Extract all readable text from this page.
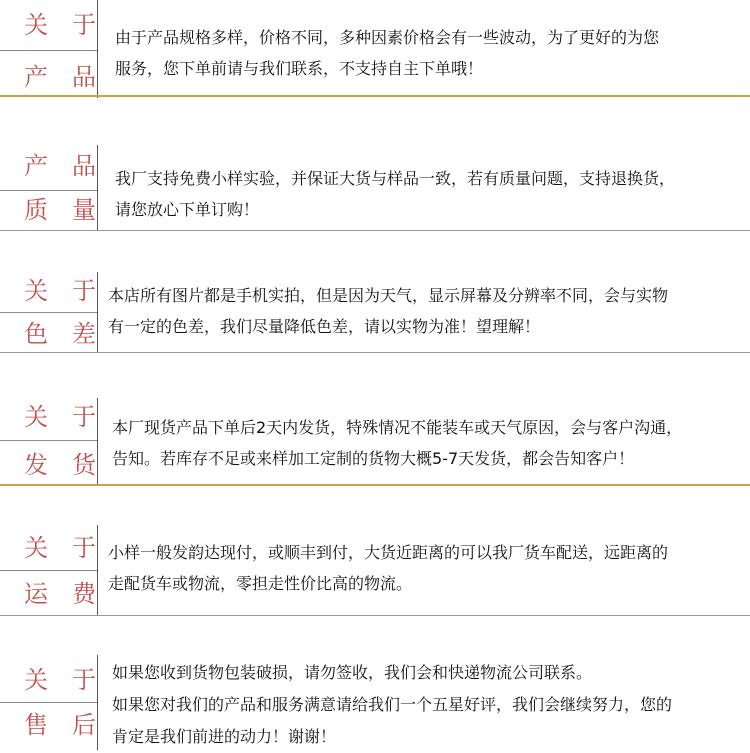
关于
产品

由于产品规格多样，价格不同，多种因素价格会有一些波动，为了更好的为您

服务，您下单前请与我们联系，不支持自主下单哦！

产品
质量

我厂支持免费小样实验，并保证大货与样品一致，若有质量问题，支持退换货，

请您放心下单订购！

关于
色差

本店所有图片都是手机实拍，但是因为天气，显示屏幕及分辨率不同，会与实物

有一定的色差，我们尽量降低色差，请以实物为准！望理解！

关于
发货

本厂现货产品下单后2天内发货，特殊情况不能装车或天气原因，会与客户沟通，

告知。若库存不足或来样加工定制的货物大概5-7天发货，都会告知客户！

关于
运费

小样一般发韵达现付，或顺丰到付，大货近距离的可以我厂货车配送，远距离的

走配货车或物流，零担走性价比高的物流。

关于
售后

如果您收到货物包装破损，请勿签收，我们会和快递物流公司联系。

如果您对我们的产品和服务满意请给我们一个五星好评，我们会继续努力，您的

肯定是我们前进的动力！谢谢！
